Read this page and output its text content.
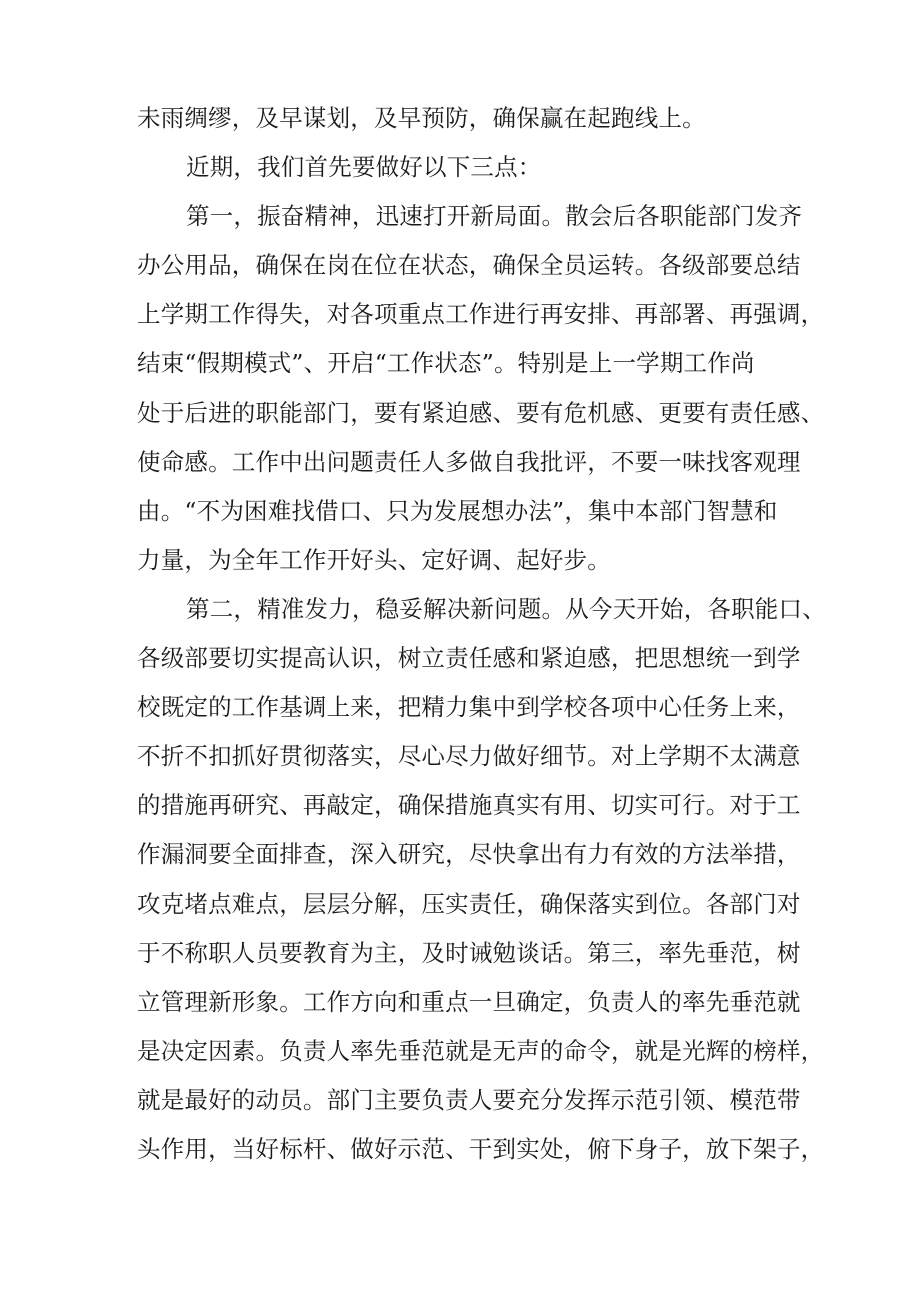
未雨绸缪，及早谋划，及早预防，确保赢在起跑线上。
近期，我们首先要做好以下三点：
第一，振奋精神，迅速打开新局面。散会后各职能部门发齐
办公用品，确保在岗在位在状态，确保全员运转。各级部要总结
上学期工作得失，对各项重点工作进行再安排、再部署、再强调，
结束“假期模式”、开启“工作状态”。特别是上一学期工作尚
处于后进的职能部门，要有紧迫感、要有危机感、更要有责任感、
使命感。工作中出问题责任人多做自我批评，不要一味找客观理
由。“不为困难找借口、只为发展想办法”，集中本部门智慧和
力量，为全年工作开好头、定好调、起好步。
第二，精准发力，稳妥解决新问题。从今天开始，各职能口、
各级部要切实提高认识，树立责任感和紧迫感，把思想统一到学
校既定的工作基调上来，把精力集中到学校各项中心任务上来，
不折不扣抓好贯彻落实，尽心尽力做好细节。对上学期不太满意
的措施再研究、再敲定，确保措施真实有用、切实可行。对于工
作漏洞要全面排查，深入研究，尽快拿出有力有效的方法举措，
攻克堵点难点，层层分解，压实责任，确保落实到位。各部门对
于不称职人员要教育为主，及时诫勉谈话。第三，率先垂范，树
立管理新形象。工作方向和重点一旦确定，负责人的率先垂范就
是决定因素。负责人率先垂范就是无声的命令，就是光辉的榜样，
就是最好的动员。部门主要负责人要充分发挥示范引领、模范带
头作用，当好标杆、做好示范、干到实处，俯下身子，放下架子，
